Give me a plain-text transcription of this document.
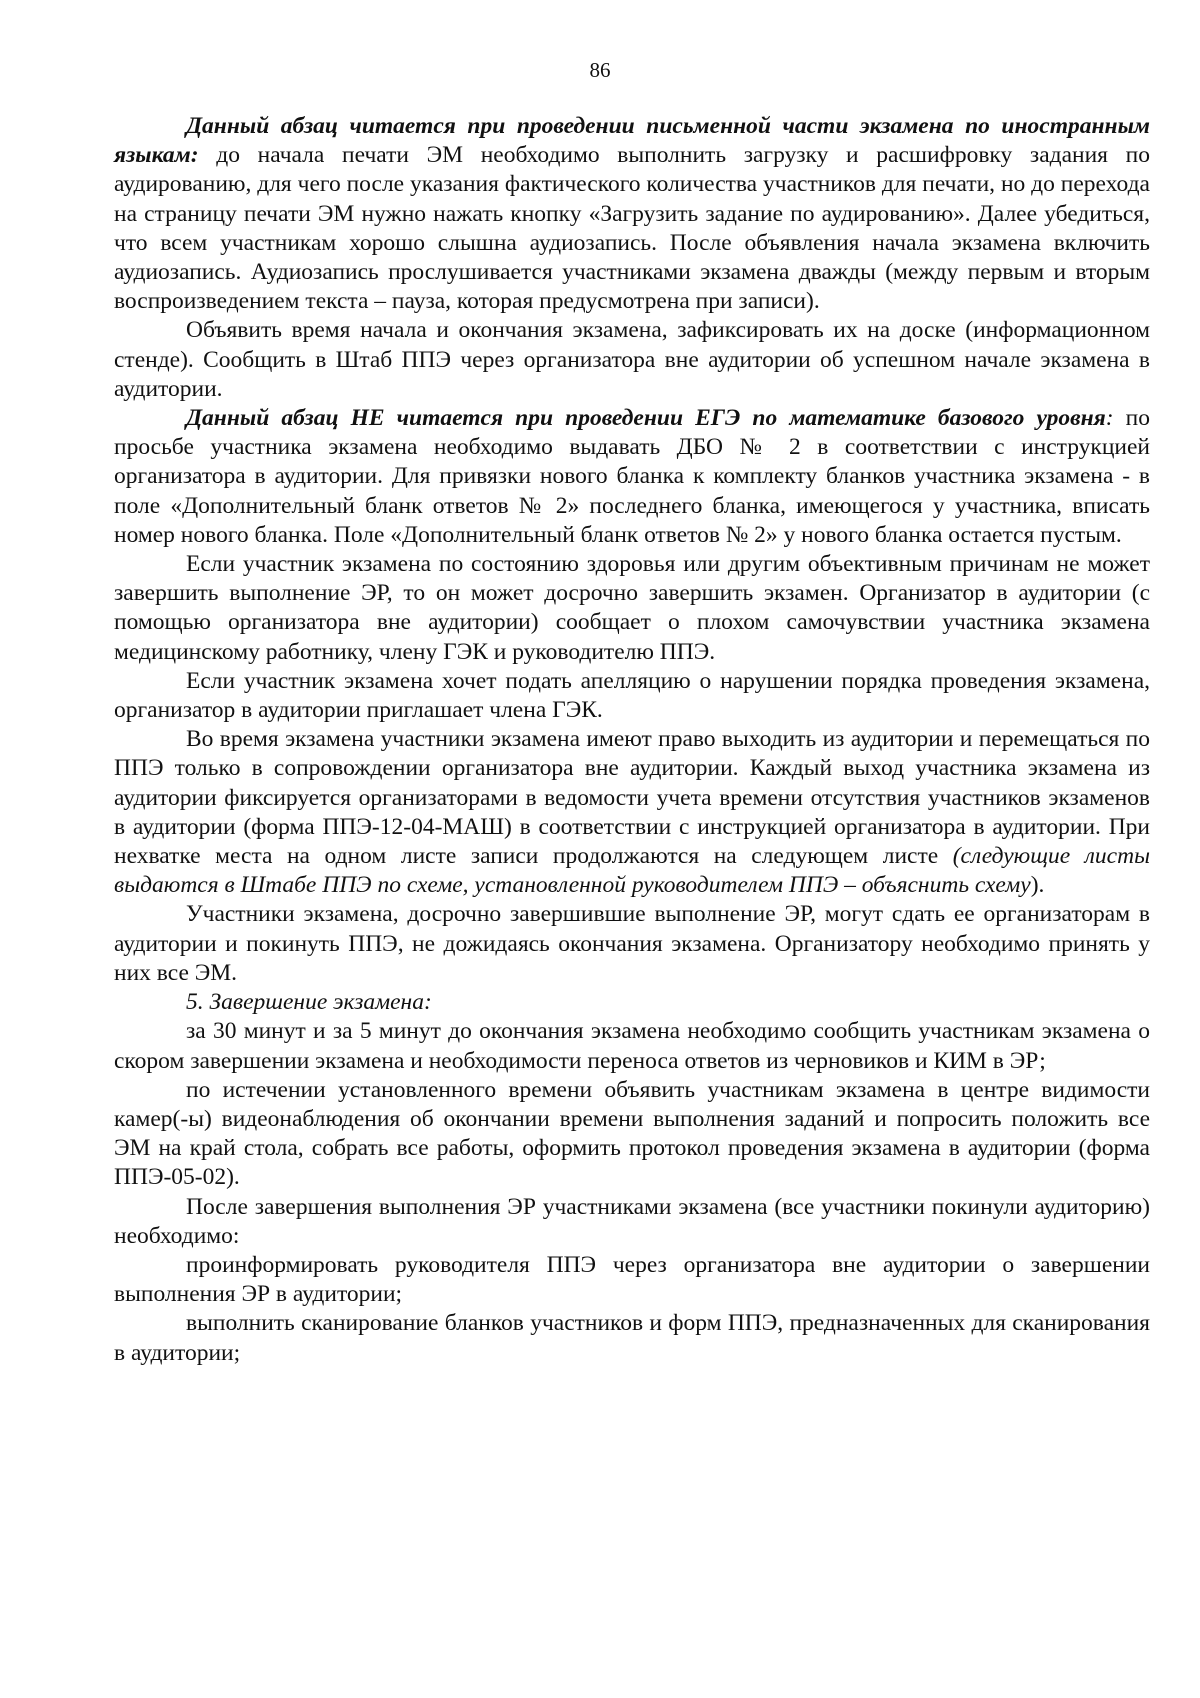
86

Данный абзац читается при проведении письменной части экзамена по иностранным языкам: до начала печати ЭМ необходимо выполнить загрузку и расшифровку задания по аудированию, для чего после указания фактического количества участников для печати, но до перехода на страницу печати ЭМ нужно нажать кнопку «Загрузить задание по аудированию». Далее убедиться, что всем участникам хорошо слышна аудиозапись. После объявления начала экзамена включить аудиозапись. Аудиозапись прослушивается участниками экзамена дважды (между первым и вторым воспроизведением текста – пауза, которая предусмотрена при записи).

Объявить время начала и окончания экзамена, зафиксировать их на доске (информационном стенде). Сообщить в Штаб ППЭ через организатора вне аудитории об успешном начале экзамена в аудитории.

Данный абзац НЕ читается при проведении ЕГЭ по математике базового уровня: по просьбе участника экзамена необходимо выдавать ДБО № 2 в соответствии с инструкцией организатора в аудитории. Для привязки нового бланка к комплекту бланков участника экзамена - в поле «Дополнительный бланк ответов № 2» последнего бланка, имеющегося у участника, вписать номер нового бланка. Поле «Дополнительный бланк ответов № 2» у нового бланка остается пустым.

Если участник экзамена по состоянию здоровья или другим объективным причинам не может завершить выполнение ЭР, то он может досрочно завершить экзамен. Организатор в аудитории (с помощью организатора вне аудитории) сообщает о плохом самочувствии участника экзамена медицинскому работнику, члену ГЭК и руководителю ППЭ.

Если участник экзамена хочет подать апелляцию о нарушении порядка проведения экзамена, организатор в аудитории приглашает члена ГЭК.

Во время экзамена участники экзамена имеют право выходить из аудитории и перемещаться по ППЭ только в сопровождении организатора вне аудитории. Каждый выход участника экзамена из аудитории фиксируется организаторами в ведомости учета времени отсутствия участников экзаменов в аудитории (форма ППЭ-12-04-МАШ) в соответствии с инструкцией организатора в аудитории. При нехватке места на одном листе записи продолжаются на следующем листе (следующие листы выдаются в Штабе ППЭ по схеме, установленной руководителем ППЭ – объяснить схему).

Участники экзамена, досрочно завершившие выполнение ЭР, могут сдать ее организаторам в аудитории и покинуть ППЭ, не дожидаясь окончания экзамена. Организатору необходимо принять у них все ЭМ.

5. Завершение экзамена:

за 30 минут и за 5 минут до окончания экзамена необходимо сообщить участникам экзамена о скором завершении экзамена и необходимости переноса ответов из черновиков и КИМ в ЭР;

по истечении установленного времени объявить участникам экзамена в центре видимости камер(-ы) видеонаблюдения об окончании времени выполнения заданий и попросить положить все ЭМ на край стола, собрать все работы, оформить протокол проведения экзамена в аудитории (форма ППЭ-05-02).

После завершения выполнения ЭР участниками экзамена (все участники покинули аудиторию) необходимо:

проинформировать руководителя ППЭ через организатора вне аудитории о завершении выполнения ЭР в аудитории;

выполнить сканирование бланков участников и форм ППЭ, предназначенных для сканирования в аудитории;
